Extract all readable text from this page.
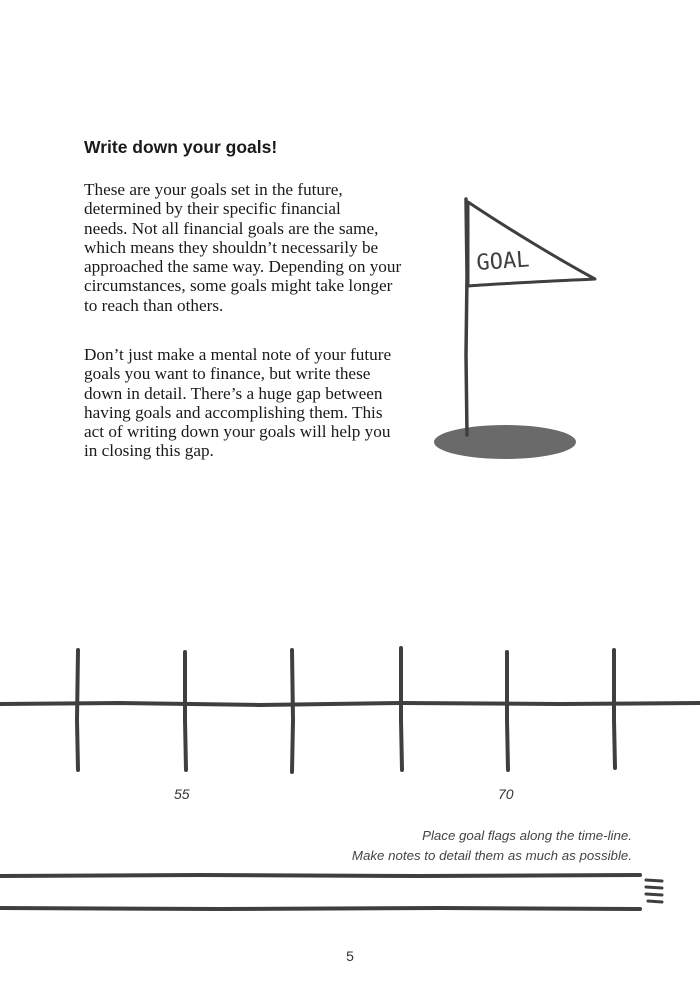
Write down your goals!

These are your goals set in the future,
determined by their specific financial
needs. Not all financial goals are the same,
which means they shouldn’t necessarily be
approached the same way. Depending on your
circumstances, some goals might take longer
to reach than others.

Don’t just make a mental note of your future
goals you want to finance, but write these
down in detail. There’s a huge gap between
having goals and accomplishing them. This
act of writing down your goals will help you
in closing this gap.

GOAL
55	70
Place goal flags along the time-line.
Make notes to detail them as much as possible.
5
